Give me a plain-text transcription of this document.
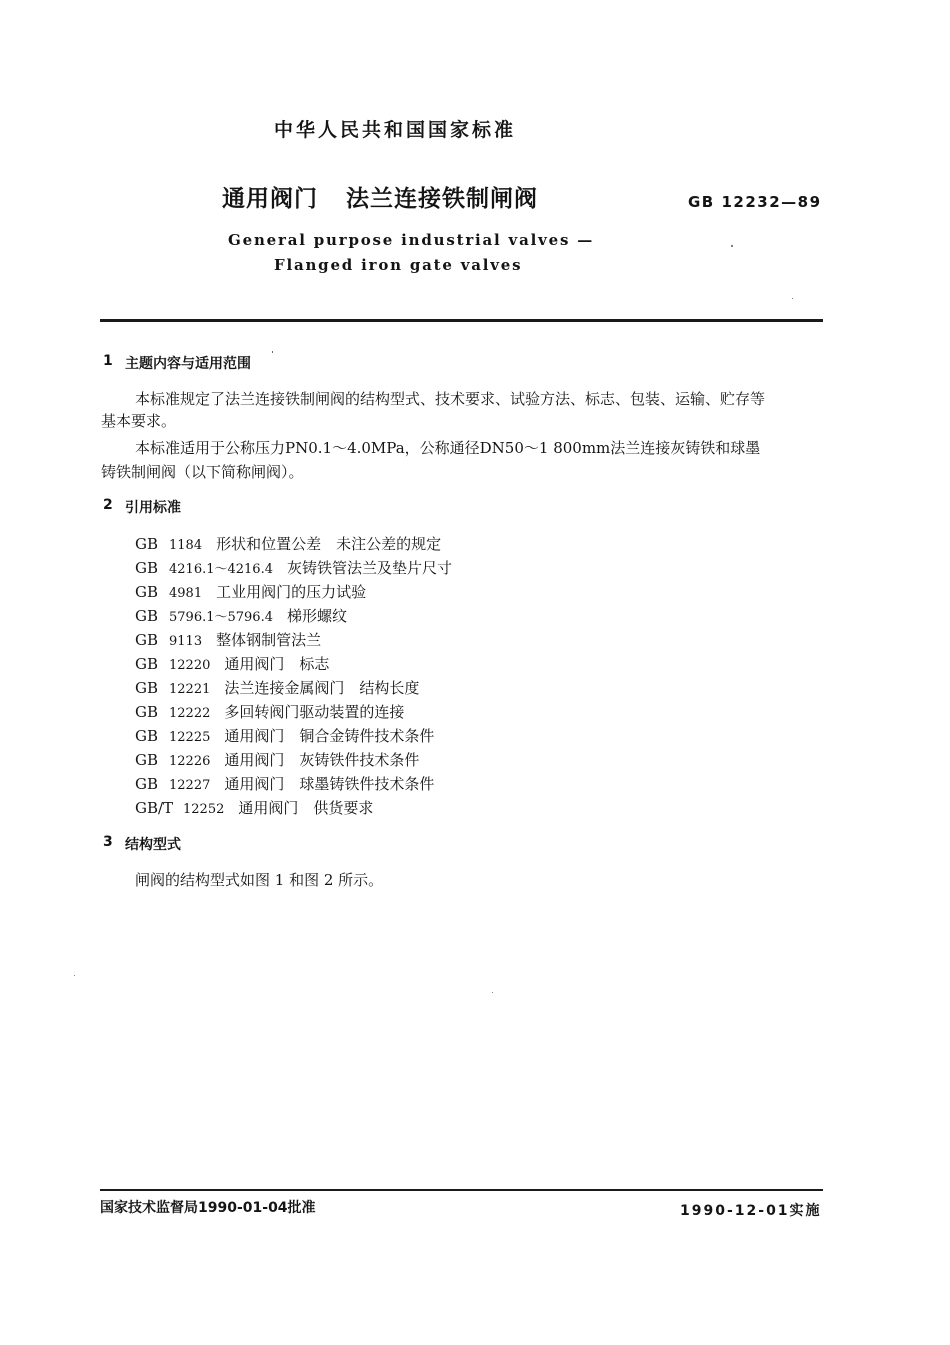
中华人民共和国国家标准
通用阀门 法兰连接铁制闸阀	GB 12232—89
General purpose industrial valves —
Flanged iron gate valves
1 主题内容与适用范围
本标准规定了法兰连接铁制闸阀的结构型式、技术要求、试验方法、标志、包装、运输、贮存等
基本要求。
本标准适用于公称压力PN0.1～4.0MPa，公称通径DN50～1 800mm法兰连接灰铸铁和球墨
铸铁制闸阀（以下简称闸阀）。
2 引用标准
GB 1184 形状和位置公差　未注公差的规定
GB 4216.1～4216.4 灰铸铁管法兰及垫片尺寸
GB 4981 工业用阀门的压力试验
GB 5796.1～5796.4 梯形螺纹
GB 9113 整体钢制管法兰
GB 12220 通用阀门　标志
GB 12221 法兰连接金属阀门　结构长度
GB 12222 多回转阀门驱动装置的连接
GB 12225 通用阀门　铜合金铸件技术条件
GB 12226 通用阀门　灰铸铁件技术条件
GB 12227 通用阀门　球墨铸铁件技术条件
GB/T 12252 通用阀门　供货要求
3 结构型式
闸阀的结构型式如图 1 和图 2 所示。
国家技术监督局1990-01-04批准	1990-12-01实施
